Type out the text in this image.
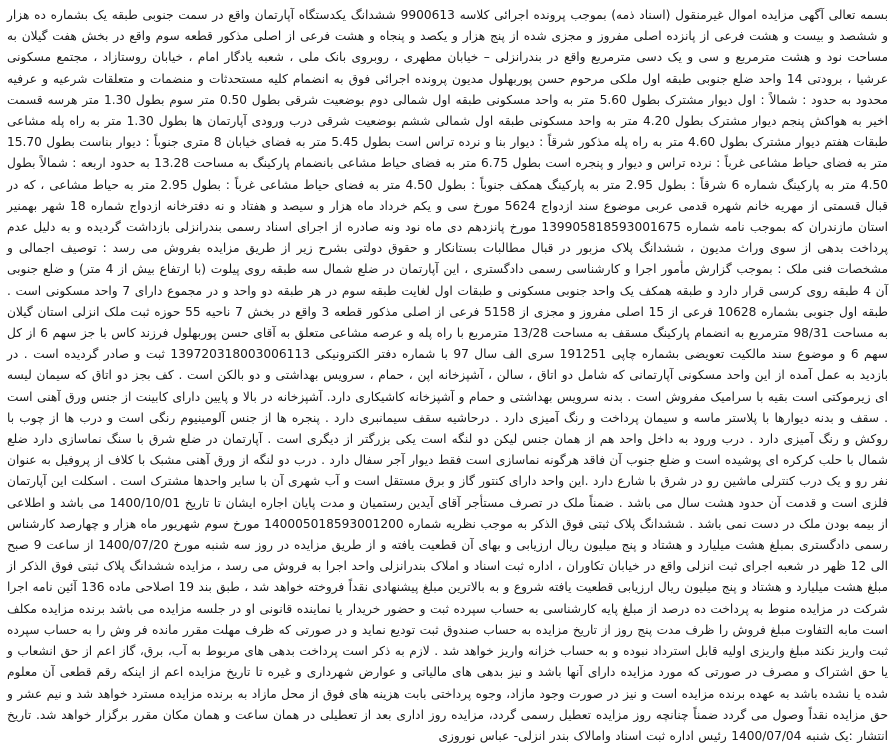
بسمه تعالی آگهی مزایده اموال غیرمنقول (اسناد ذمه) بموجب پرونده اجرائی کلاسه 9900613 ششدانگ یکدستگاه آپارتمان واقع در سمت جنوبی طبقه یک بشماره ده هزار و ششصد و بیست و هشت فرعی از پانزده اصلی مفروز و مجزی شده از پنج هزار و یکصد و پنجاه و هشت فرعی از اصلی مذکور قطعه سوم واقع در بخش هفت گیلان به مساحت نود و هشت مترمربع و سی و یک دسی مترمربع واقع در بندرانزلی – خیابان مطهری ، روبروی بانک ملی ، شعبه یادگار امام ، خیابان روستازاد ، مجتمع مسکونی عرشیا ، برودتی 14 واحد ضلع جنوبی طبقه اول ملکی مرحوم حسن پوربهلول مدیون پرونده اجرائی فوق به انضمام کلیه مستحدثات و منضمات و متعلقات شرعیه و عرفیه محدود به حدود : شمالاً : اول دیوار مشترک بطول 5.60 متر به واحد مسکونی طبقه اول شمالی دوم بوضعیت شرقی بطول 0.50 متر سوم بطول 1.30 متر هرسه قسمت اخیر به هواکش پنجم دیوار مشترک بطول 4.20 متر به واحد مسکونی طبقه اول شمالی ششم بوضعیت شرقی درب ورودی آپارتمان ها بطول 1.30 متر به راه پله مشاعی طبقات هفتم دیوار مشترک بطول 4.60 متر به راه پله مذکور شرقاً : دیوار بنا و نرده تراس است بطول 5.45 متر به فضای خیابان 8 متری جنوباً : دیوار بناست بطول 15.70 متر به فضای حیاط مشاعی غرباً : نرده تراس و دیوار و پنجره است بطول 6.75 متر به فضای حیاط مشاعی بانضمام پارکینگ به مساحت 13.28 به حدود اربعه : شمالاً بطول 4.50 متر به پارکینگ شماره 6 شرقاً : بطول 2.95 متر به پارکینگ همکف جنوباً : بطول 4.50 متر به فضای حیاط مشاعی غرباً : بطول 2.95 متر به حیاط مشاعی ، که در قبال قسمتی از مهریه خانم شهره قدمی عربی موضوع سند ازدواج 5624 مورخ سی و یکم خرداد ماه هزار و سیصد و هفتاد و نه دفترخانه ازدواج شماره 18 شهر بهمنیر استان مازندران که بموجب نامه شماره 139905818593001675 مورخ پانزدهم دی ماه نود ونه صادره از اجرای اسناد رسمی بندرانزلی بازداشت گردیده و به دلیل عدم پرداخت بدهی از سوی وراث مدیون ، ششدانگ پلاک مزبور در قبال مطالبات بستانکار و حقوق دولتی بشرح زیر از طریق مزایده بفروش می رسد : توصیف اجمالی و مشخصات فنی ملک : بموجب گزارش مأمور اجرا و کارشناسی رسمی دادگستری ، این آپارتمان در ضلع شمال سه طبقه روی پیلوت (با ارتفاع بیش از 4 متر) و ضلع جنوبی آن 4 طبقه روی کرسی قرار دارد و طبقه همکف یک واحد جنوبی مسکونی و طبقات اول لغایت طبقه سوم در هر طبقه دو واحد و در مجموع دارای 7 واحد مسکونی است . طبقه اول جنوبی بشماره 10628 فرعی از 15 اصلی مفروز و مجزی از 5158 فرعی از اصلی مذکور قطعه 3 واقع در بخش 7 ناحیه 55 حوزه ثبت ملک انزلی استان گیلان به مساحت 98/31 مترمربع به انضمام پارکینگ مسقف به مساحت 13/28 مترمربع با راه پله و عرصه مشاعی متعلق به آقای حسن پوربهلول فرزند کاس با جز سهم 6 از کل سهم 6 و موضوع سند مالکیت تعویضی بشماره چاپی 191251 سری الف سال 97 با شماره دفتر الکترونیکی 139720318003006113 ثبت و صادر گردیده است . در بازدید به عمل آمده از این واحد مسکونی آپارتمانی که شامل دو اتاق ، سالن ، آشپزخانه اپن ، حمام ، سرویس بهداشتی و دو بالکن است . کف بجز دو اتاق که سیمان لیسه ای زیرموکتی است بقیه با سرامیک مفروش است . بدنه سرویس بهداشتی و حمام و آشپزخانه کاشیکاری دارد. آشپزخانه در بالا و پایین دارای کابینت از جنس ورق آهنی است . سقف و بدنه دیوارها با پلاستر ماسه و سیمان پرداخت و رنگ آمیزی دارد . درحاشیه سقف سیمانبری دارد . پنجره ها از جنس آلومینیوم رنگی است و درب ها از چوب با روکش و رنگ آمیزی دارد . درب ورود به داخل واحد هم از همان جنس لیکن دو لنگه است یکی بزرگتر از دیگری است . آپارتمان در ضلع شرق با سنگ نماسازی دارد ضلع شمال با حلب کرکره ای پوشیده است و ضلع جنوب آن فاقد هرگونه نماسازی است فقط دیوار آجر سفال دارد . درب دو لنگه از ورق آهنی مشبک با کلاف از پروفیل به عنوان نفر رو و یک درب کنترلی ماشین رو در شرق با شارع دارد .این واحد دارای کنتور گاز و برق مستقل است و آب شهری آن با سایر واحدها مشترک است . اسکلت این آپارتمان فلزی است و قدمت آن حدود هشت سال می باشد . ضمناً ملک در تصرف مستأجر آقای آیدین رستمیان و مدت پایان اجاره ایشان تا تاریخ 1400/10/01 می باشد و اطلاعی از بیمه بودن ملک در دست نمی باشد . ششدانگ پلاک ثبتی فوق الذکر به موجب نظریه شماره 140005018593001200 مورخ سوم شهریور ماه هزار و چهارصد کارشناس رسمی دادگستری بمبلغ هشت میلیارد و هشتاد و پنج میلیون ریال ارزیابی و بهای آن قطعیت یافته و از طریق مزایده در روز سه شنبه مورخ 1400/07/20 از ساعت 9 صبح الی 12 ظهر در شعبه اجرای ثبت انزلی واقع در خیابان تکاوران ، اداره ثبت اسناد و املاک بندرانزلی واحد اجرا به فروش می رسد ، مزایده ششدانگ پلاک ثبتی فوق الذکر از مبلغ هشت میلیارد و هشتاد و پنج میلیون ریال ارزیابی قطعیت یافته شروع و به بالاترین مبلغ پیشنهادی نقداً فروخته خواهد شد ، طبق بند 19 اصلاحی ماده 136 آئین نامه اجرا شرکت در مزایده منوط به پرداخت ده درصد از مبلغ پایه کارشناسی به حساب سپرده ثبت و حضور خریدار یا نماینده قانونی او در جلسه مزایده می باشد برنده مزایده مکلف است مابه التفاوت مبلغ فروش را ظرف مدت پنج روز از تاریخ مزایده به حساب صندوق ثبت تودیع نماید و در صورتی که ظرف مهلت مقرر مانده فر وش را به حساب سپرده ثبت واریز نکند مبلغ واریزی اولیه قابل استرداد نبوده و به حساب خزانه واریز خواهد شد . لازم به ذکر است پرداخت بدهی های مربوط به آب، برق، گاز اعم از حق انشعاب و یا حق اشتراک و مصرف در صورتی که مورد مزایده دارای آنها باشد و نیز بدهی های مالیاتی و عوارض شهرداری و غیره تا تاریخ مزایده اعم از اینکه رقم قطعی آن معلوم شده یا نشده باشد به عهده برنده مزایده است و نیز در صورت وجود مازاد، وجوه پرداختی بابت هزینه های فوق از محل مازاد به برنده مزایده مسترد خواهد شد و نیم عشر و حق مزایده نقداً وصول می گردد ضمناً چنانچه روز مزایده تعطیل رسمی گردد، مزایده روز اداری بعد از تعطیلی در همان ساعت و همان مکان مقرر برگزار خواهد شد. تاریخ انتشار :یک شنبه 1400/07/04 رئیس اداره ثبت اسناد وامالاک بندر انزلی- عباس نوروزی
